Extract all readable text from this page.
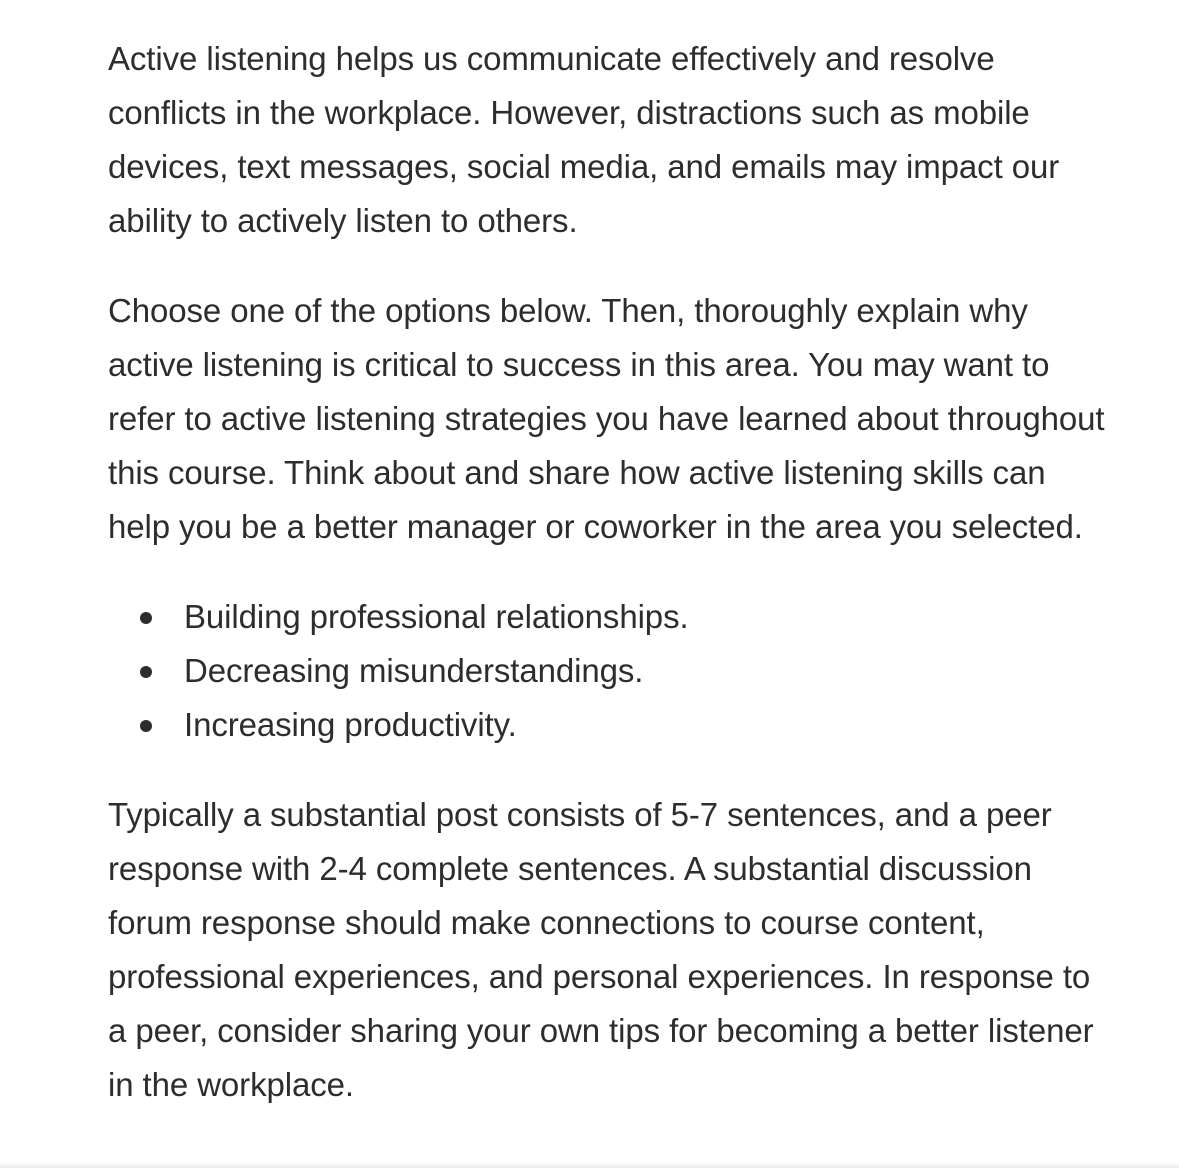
Active listening helps us communicate effectively and resolve conflicts in the workplace. However, distractions such as mobile devices, text messages, social media, and emails may impact our ability to actively listen to others.

Choose one of the options below. Then, thoroughly explain why active listening is critical to success in this area. You may want to refer to active listening strategies you have learned about throughout this course. Think about and share how active listening skills can help you be a better manager or coworker in the area you selected.

Building professional relationships.
Decreasing misunderstandings.
Increasing productivity.

Typically a substantial post consists of 5-7 sentences, and a peer response with 2-4 complete sentences. A substantial discussion forum response should make connections to course content, professional experiences, and personal experiences. In response to a peer, consider sharing your own tips for becoming a better listener in the workplace.
